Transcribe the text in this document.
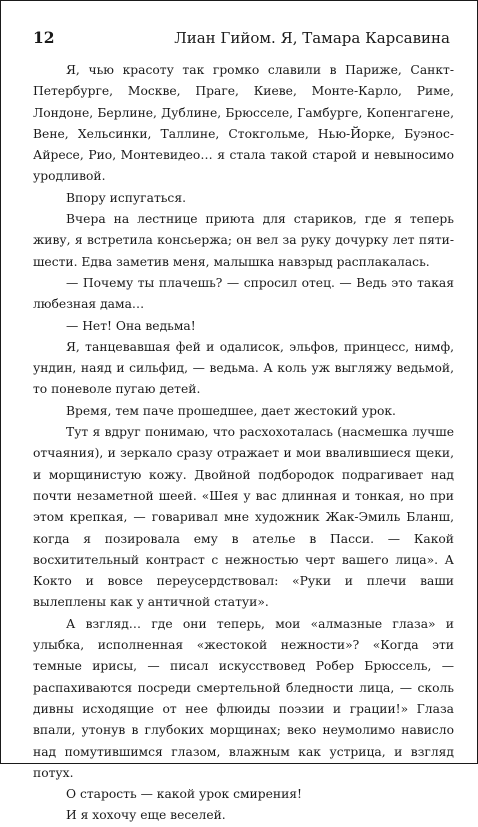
12	Лиан Гийом. Я, Тамара Карсавина

Я, чью красоту так громко славили в Париже, Санкт-Петербурге, Москве, Праге, Киеве, Монте-Карло, Риме, Лондоне, Берлине, Дублине, Брюсселе, Гамбурге, Копенгагене, Вене, Хельсинки, Таллине, Стокгольме, Нью-Йорке, Буэнос-Айресе, Рио, Монтевидео… я стала такой старой и невыносимо уродливой.

Впору испугаться.

Вчера на лестнице приюта для стариков, где я теперь живу, я встретила консьержа; он вел за руку дочурку лет пяти-шести. Едва заметив меня, малышка навзрыд расплакалась.

— Почему ты плачешь? — спросил отец. — Ведь это такая любезная дама…

— Нет! Она ведьма!

Я, танцевавшая фей и одалисок, эльфов, принцесс, нимф, ундин, наяд и сильфид, — ведьма. А коль уж выгляжу ведьмой, то поневоле пугаю детей.

Время, тем паче прошедшее, дает жестокий урок.

Тут я вдруг понимаю, что расхохоталась (насмешка лучше отчаяния), и зеркало сразу отражает и мои ввалившиеся щеки, и морщинистую кожу. Двойной подбородок подрагивает над почти незаметной шеей. «Шея у вас длинная и тонкая, но при этом крепкая, — говаривал мне художник Жак-Эмиль Бланш, когда я позировала ему в ателье в Пасси. — Какой восхитительный контраст с нежностью черт вашего лица». А Кокто и вовсе переусердствовал: «Руки и плечи ваши вылеплены как у античной статуи».

А взгляд… где они теперь, мои «алмазные глаза» и улыбка, исполненная «жестокой нежности»? «Когда эти темные ирисы, — писал искусствовед Робер Брюссель, — распахиваются посреди смертельной бледности лица, — сколь дивны исходящие от нее флюиды поэзии и грации!» Глаза впали, утонув в глубоких морщинах; веко неумолимо нависло над помутившимся глазом, влажным как устрица, и взгляд потух.

О старость — какой урок смирения!

И я хохочу еще веселей.
